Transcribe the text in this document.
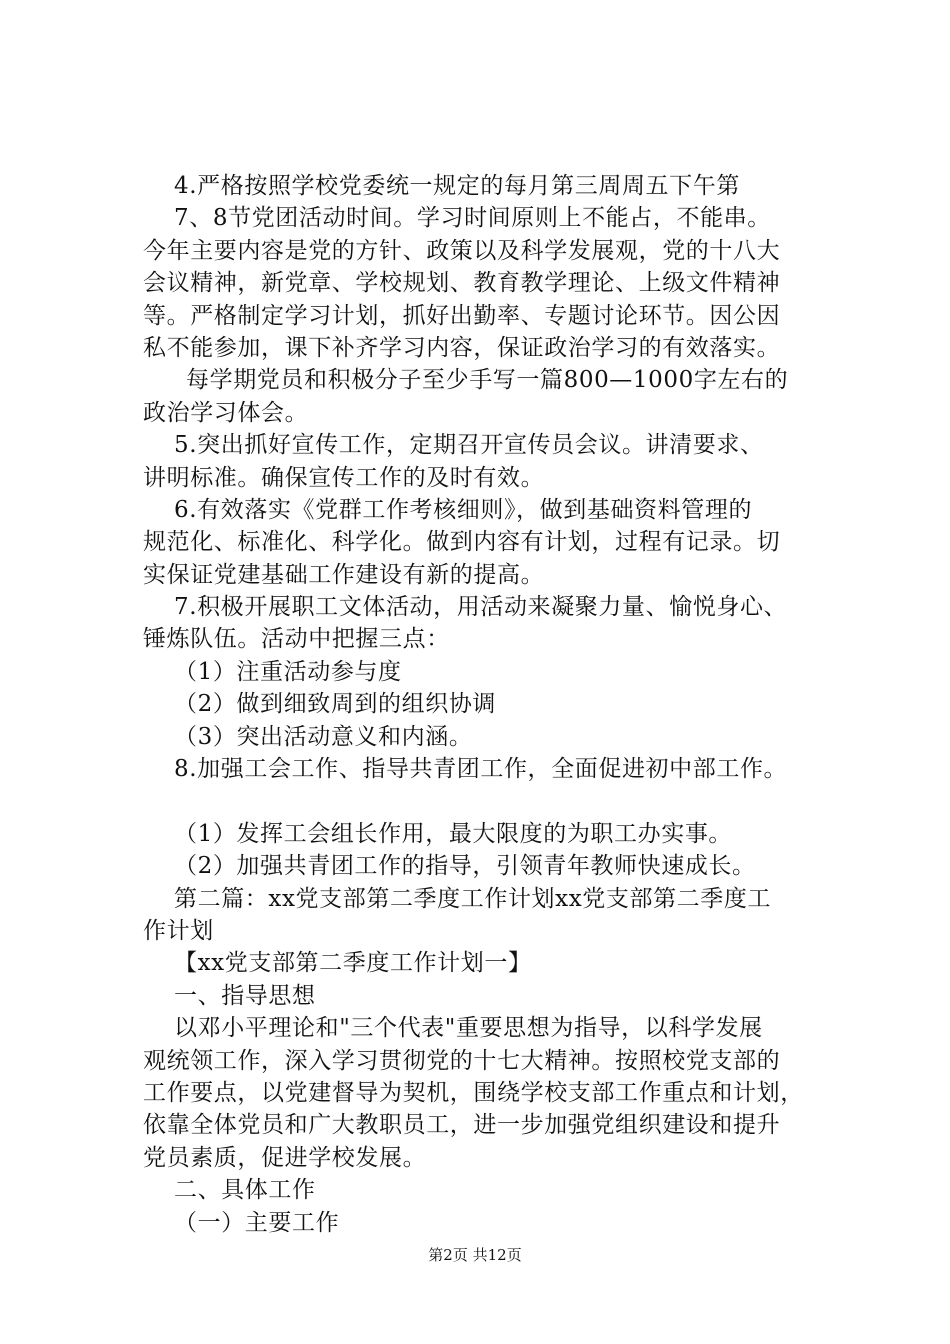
4.严格按照学校党委统一规定的每月第三周周五下午第
7、8节党团活动时间。学习时间原则上不能占，不能串。
今年主要内容是党的方针、政策以及科学发展观，党的十八大
会议精神，新党章、学校规划、教育教学理论、上级文件精神
等。严格制定学习计划，抓好出勤率、专题讨论环节。因公因
私不能参加，课下补齐学习内容，保证政治学习的有效落实。
每学期党员和积极分子至少手写一篇800—1000字左右的
政治学习体会。
5.突出抓好宣传工作，定期召开宣传员会议。讲清要求、
讲明标准。确保宣传工作的及时有效。
6.有效落实《党群工作考核细则》，做到基础资料管理的
规范化、标准化、科学化。做到内容有计划，过程有记录。切
实保证党建基础工作建设有新的提高。
7.积极开展职工文体活动，用活动来凝聚力量、愉悦身心、
锤炼队伍。活动中把握三点：
（1）注重活动参与度
（2）做到细致周到的组织协调
（3）突出活动意义和内涵。
8.加强工会工作、指导共青团工作，全面促进初中部工作。
（1）发挥工会组长作用，最大限度的为职工办实事。
（2）加强共青团工作的指导，引领青年教师快速成长。
第二篇：xx党支部第二季度工作计划xx党支部第二季度工
作计划
【xx党支部第二季度工作计划一】
一、指导思想
以邓小平理论和"三个代表"重要思想为指导，以科学发展
观统领工作，深入学习贯彻党的十七大精神。按照校党支部的
工作要点，以党建督导为契机，围绕学校支部工作重点和计划，
依靠全体党员和广大教职员工，进一步加强党组织建设和提升
党员素质，促进学校发展。
二、具体工作
（一）主要工作
第2页 共12页
